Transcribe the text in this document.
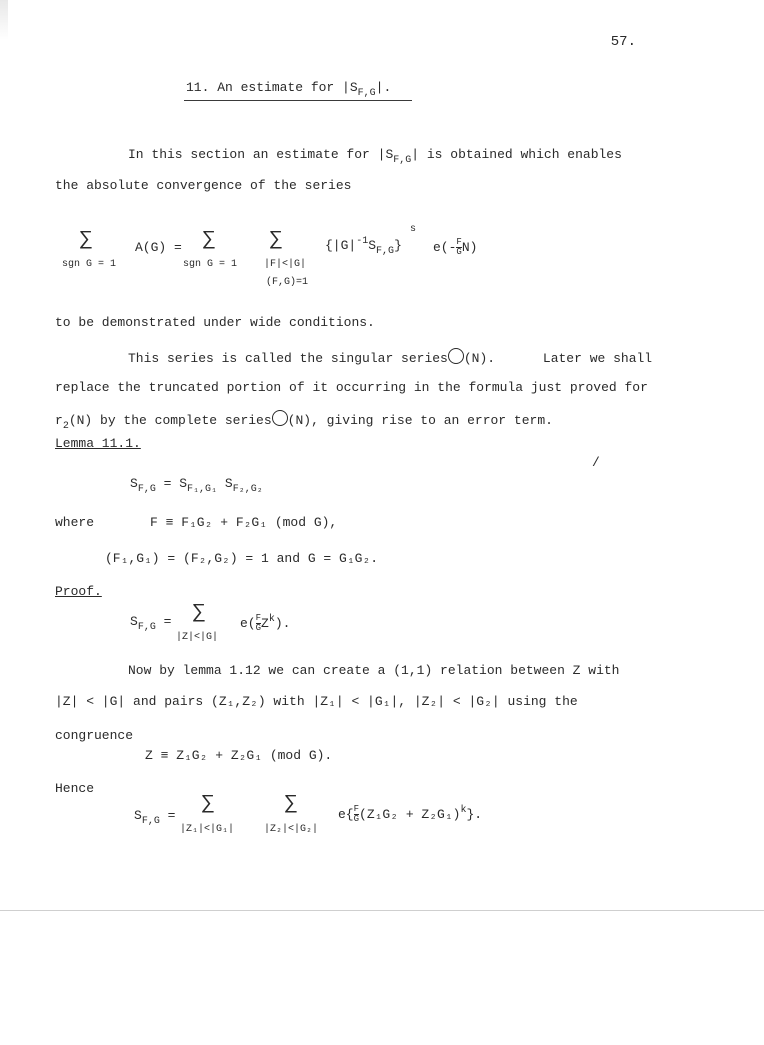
57.
11. An estimate for $|S_{F,G}|$.
In this section an estimate for $|S_{F,G}|$ is obtained which enables
the absolute convergence of the series
∑
sgn G = 1
A(G) = ∑
sgn G = 1
∑
|F|<|G|
(F,G)=1
$\{|G|^{-1}S_{F,G}\}$
s
$e(- \frac{F}{G} N)$
to be demonstrated under wide conditions.
This series is called the singular series (N).	Later we shall
replace the truncated portion of it occurring in the formula just proved for
$r_2(N)$ by the complete series (N), giving rise to an error term.
Lemma 11.1.
/
$S_{F,G} = S_{F_1,G_1}$ $S_{F_2,G_2}$
where	F ≡ F₁G₂ + F₂G₁ (mod G),
(F₁,G₁) = (F₂,G₂) = 1 and G = G₁G₂.
Proof.
$S_{F,G}$ = ∑
|Z|<|G|
$e( \frac{F}{G} Z^k)$.
Now by lemma 1.12 we can create a (1,1) relation between Z with
|Z| < |G| and pairs (Z₁,Z₂) with |Z₁| < |G₁|, |Z₂| < |G₂| using the
congruence
Z ≡ Z₁G₂ + Z₂G₁ (mod G).
Hence
$S_{F,G}$ =
∑
|Z₁|<|G₁|
∑
|Z₂|<|G₂|
$e\{ \frac{F}{G} (Z_1G_2 + Z_2G_1)^k\}$.
